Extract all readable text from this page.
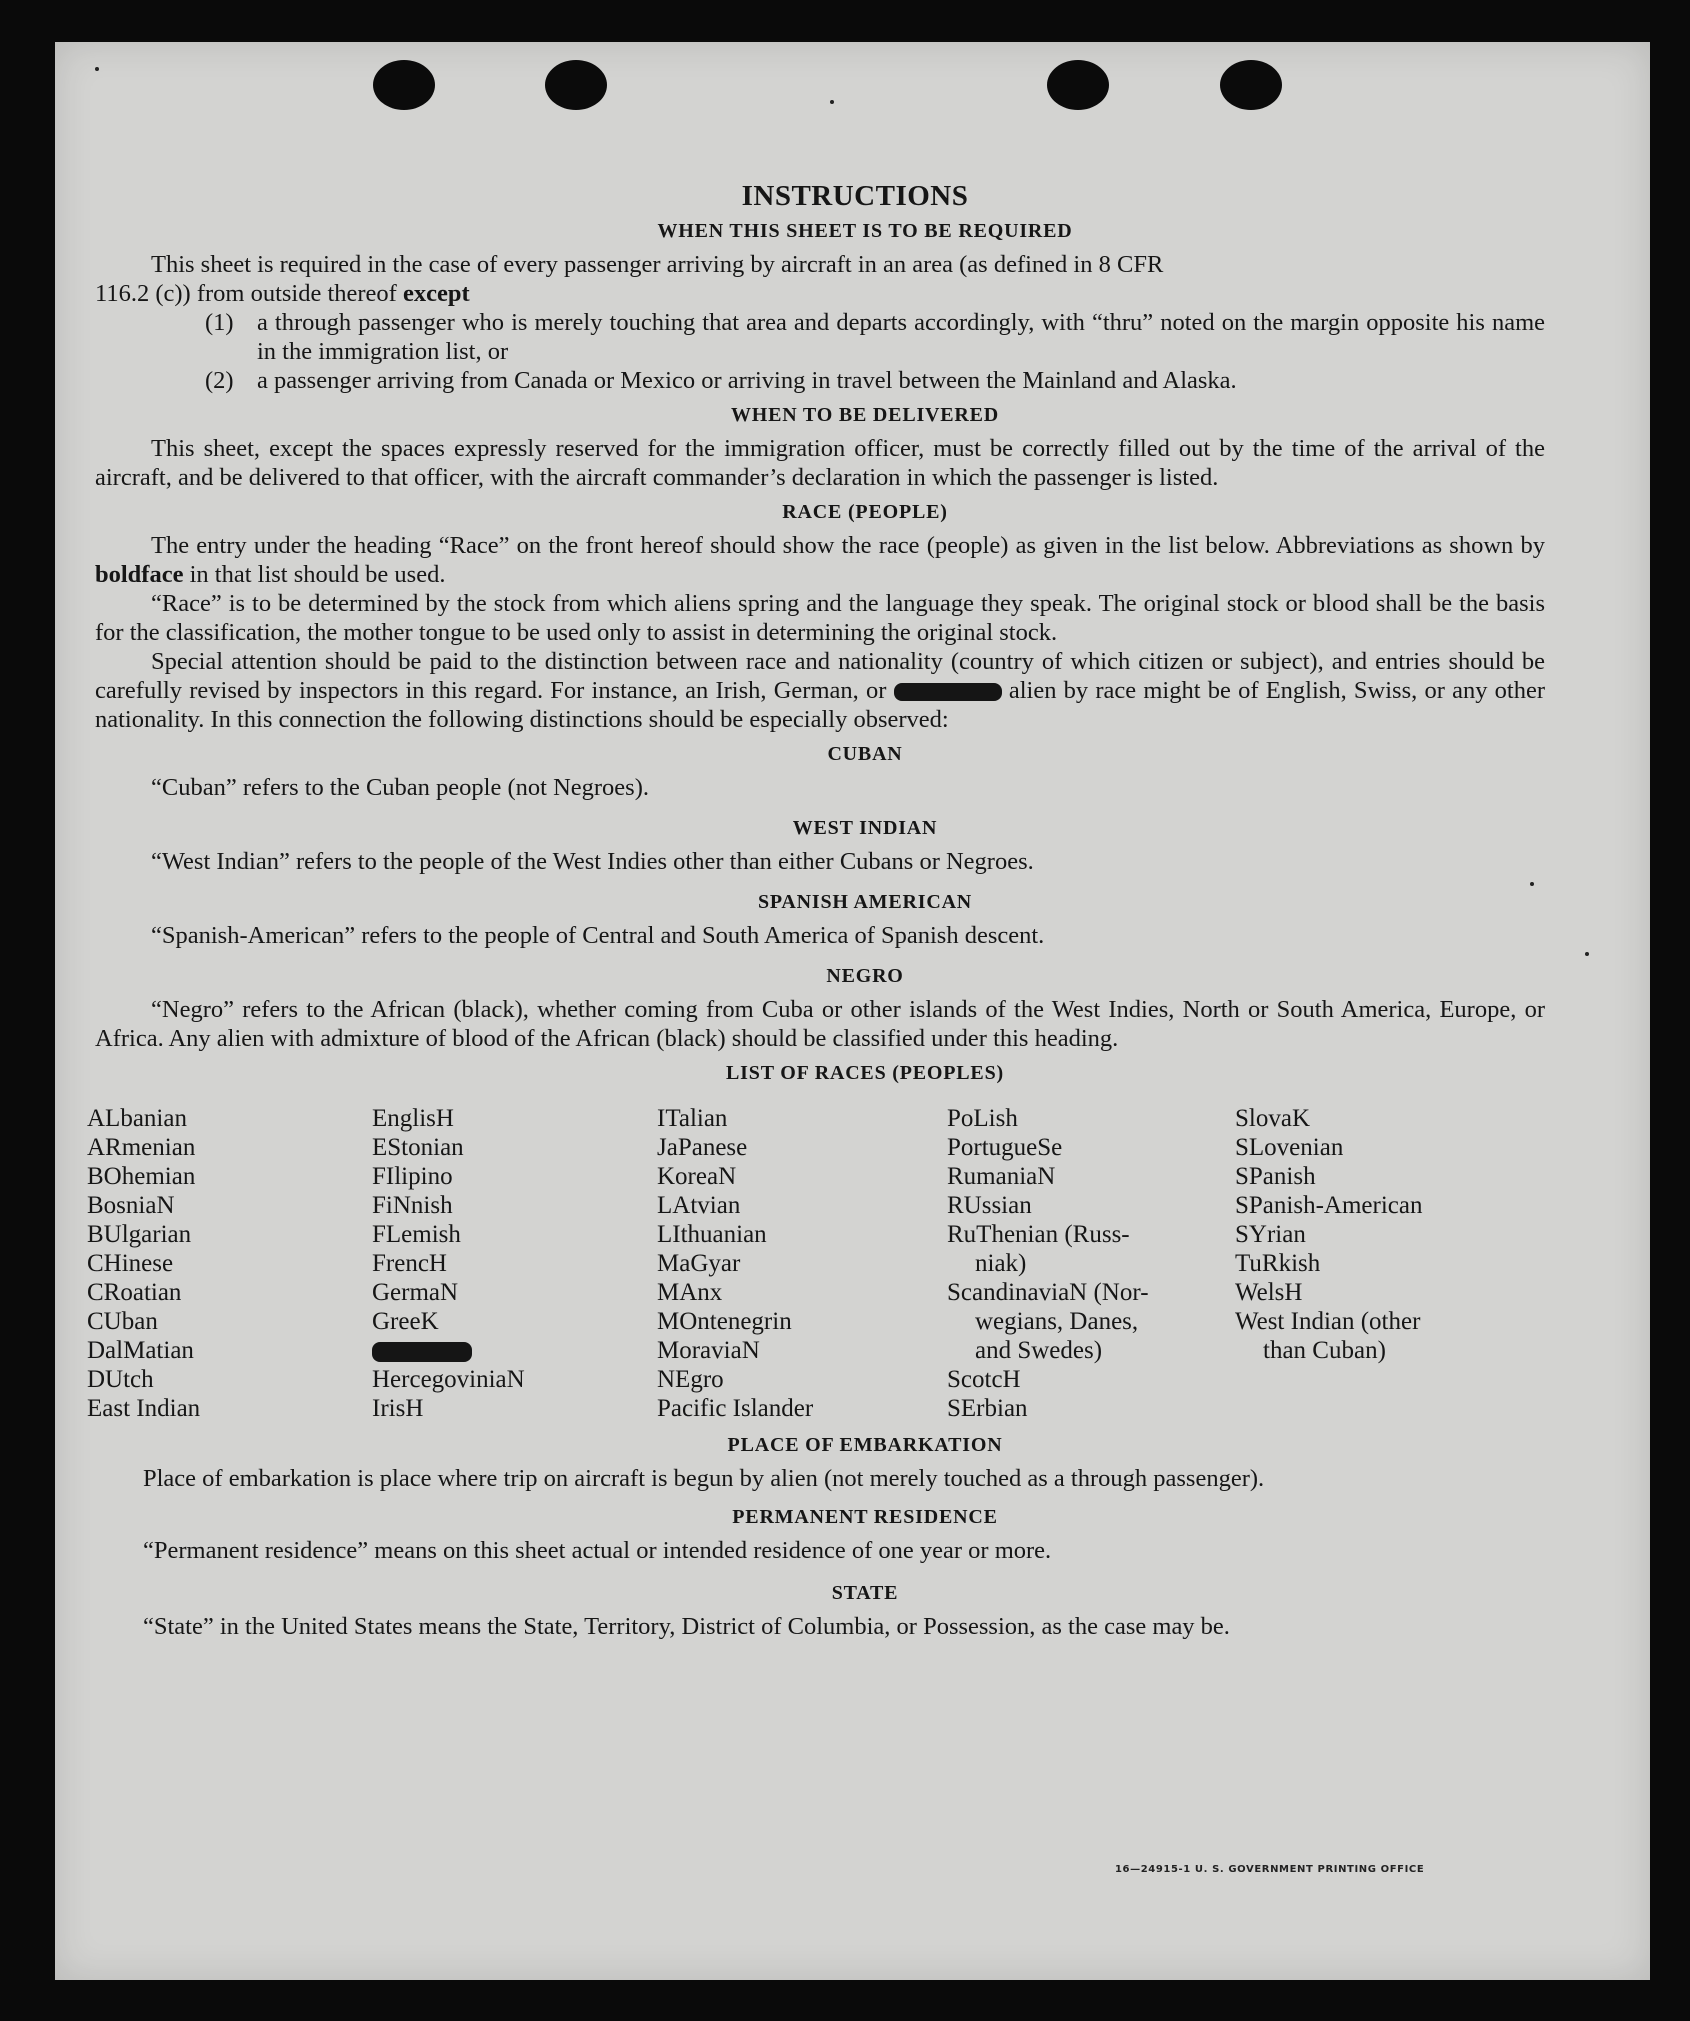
INSTRUCTIONS
WHEN THIS SHEET IS TO BE REQUIRED

This sheet is required in the case of every passenger arriving by aircraft in an area (as defined in 8 CFR

116.2 (c)) from outside thereof except

(1) a through passenger who is merely touching that area and departs accordingly, with “thru” noted on the margin opposite his name in the immigration list, or
(2) a passenger arriving from Canada or Mexico or arriving in travel between the Mainland and Alaska.
WHEN TO BE DELIVERED

This sheet, except the spaces expressly reserved for the immigration officer, must be correctly filled out by the time of the arrival of the aircraft, and be delivered to that officer, with the aircraft commander’s declaration in which the passenger is listed.

RACE (PEOPLE)

The entry under the heading “Race” on the front hereof should show the race (people) as given in the list below. Abbreviations as shown by boldface in that list should be used.

“Race” is to be determined by the stock from which aliens spring and the language they speak. The original stock or blood shall be the basis for the classification, the mother tongue to be used only to assist in determining the original stock.

Special attention should be paid to the distinction between race and nationality (country of which citizen or subject), and entries should be carefully revised by inspectors in this regard. For instance, an Irish, German, or	alien by race might be of English, Swiss, or any other nationality. In this connection the following distinctions should be especially observed:

CUBAN

“Cuban” refers to the Cuban people (not Negroes).

WEST INDIAN

“West Indian” refers to the people of the West Indies other than either Cubans or Negroes.

SPANISH AMERICAN

“Spanish-American” refers to the people of Central and South America of Spanish descent.

NEGRO

“Negro” refers to the African (black), whether coming from Cuba or other islands of the West Indies, North or South America, Europe, or Africa. Any alien with admixture of blood of the African (black) should be classified under this heading.

LIST OF RACES (PEOPLES)
ALbanian
ARmenian
BOhemian
BosniaN
BUlgarian
CHinese
CRoatian
CUban
DalMatian
DUtch
East Indian
EnglisH
EStonian
FIlipino
FiNnish
FLemish
FrencH
GermaN
GreeK
HercegoviniaN
IrisH
ITalian
JaPanese
KoreaN
LAtvian
LIthuanian
MaGyar
MAnx
MOntenegrin
MoraviaN
NEgro
Pacific Islander
PoLish
PortugueSe
RumaniaN
RUssian
RuThenian (Russ-
niak)
ScandinaviaN (Nor-
wegians, Danes,
and Swedes)
ScotcH
SErbian
SlovaK
SLovenian
SPanish
SPanish-American
SYrian
TuRkish
WelsH
West Indian (other
than Cuban)
PLACE OF EMBARKATION

Place of embarkation is place where trip on aircraft is begun by alien (not merely touched as a through passenger).

PERMANENT RESIDENCE

“Permanent residence” means on this sheet actual or intended residence of one year or more.

STATE

“State” in the United States means the State, Territory, District of Columbia, or Possession, as the case may be.

16—24915-1 U. S. GOVERNMENT PRINTING OFFICE
